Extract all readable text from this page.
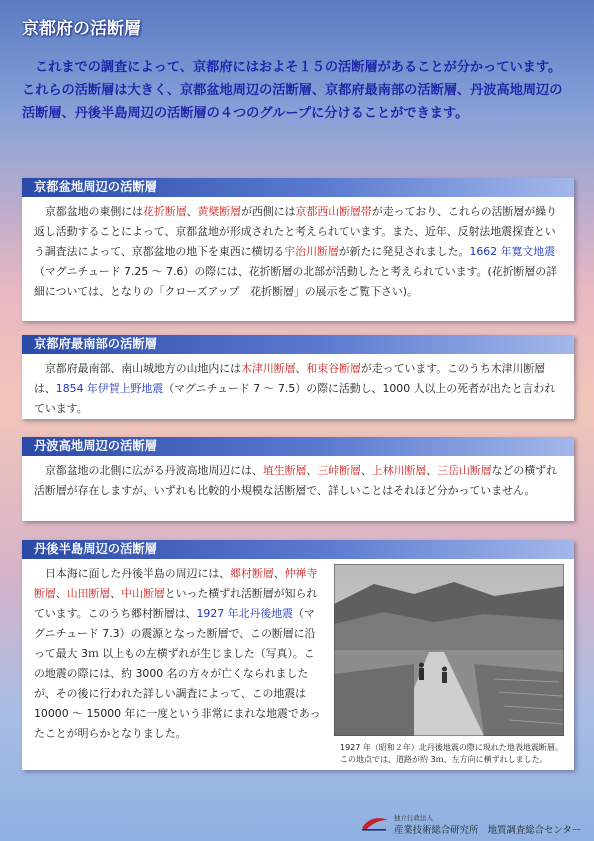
京都府の活断層

これまでの調査によって、京都府にはおよそ１５の活断層があることが分かっています。これらの活断層は大きく、京都盆地周辺の活断層、京都府最南部の活断層、丹波高地周辺の活断層、丹後半島周辺の活断層の４つのグループに分けることができます。

京都盆地周辺の活断層
京都盆地の東側には花折断層、黄檗断層が西側には京都西山断層帯が走っており、これらの活断層が繰り返し活動することによって、京都盆地が形成されたと考えられています。また、近年、反射法地震探査という調査法によって、京都盆地の地下を東西に横切る宇治川断層が新たに発見されました。1662 年寛文地震（マグニチュード 7.25 〜 7.6）の際には、花折断層の北部が活動したと考えられています。(花折断層の詳細については、となりの「クローズアップ　花折断層」の展示をご覧下さい)。
京都府最南部の活断層
京都府最南部、南山城地方の山地内には木津川断層、和束谷断層が走っています。このうち木津川断層は、1854 年伊賀上野地震（マグニチュード 7 〜 7.5）の際に活動し、1000 人以上の死者が出たと言われています。
丹波高地周辺の活断層
京都盆地の北側に広がる丹波高地周辺には、埴生断層、三峠断層、上林川断層、三岳山断層などの横ずれ活断層が存在しますが、いずれも比較的小規模な活断層で、詳しいことはそれほど分かっていません。
丹後半島周辺の活断層
日本海に面した丹後半島の周辺には、郷村断層、仲禅寺断層、山田断層、中山断層といった横ずれ活断層が知られています。このうち郷村断層は、1927 年北丹後地震（マグニチュード 7.3）の震源となった断層で、この断層に沿って最大 3ｍ 以上もの左横ずれが生じました（写真）。この地震の際には、約 3000 名の方々が亡くなられましたが、その後に行われた詳しい調査によって、この地震は 10000 〜 15000 年に一度という非常にまれな地震であったことが明らかとなりました。
1927 年（昭和２年）北丹後地震の際に現れた地表地震断層。
この地点では、道路が約 3ｍ、左方向に横ずれしました。
独立行政法人
産業技術総合研究所　地質調査総合センター
